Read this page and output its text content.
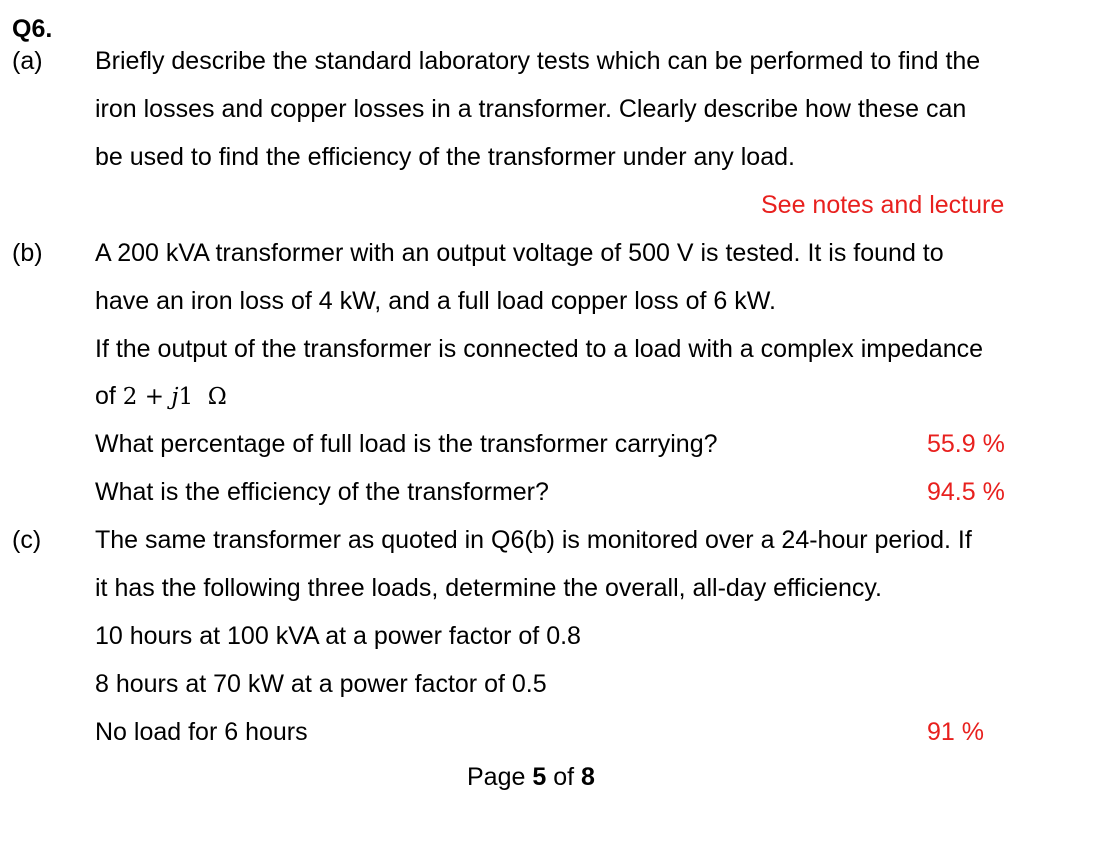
Q6.
(a) Briefly describe the standard laboratory tests which can be performed to find the
iron losses and copper losses in a transformer. Clearly describe how these can
be used to find the efficiency of the transformer under any load.
See notes and lecture
(b) A 200 kVA transformer with an output voltage of 500 V is tested. It is found to
have an iron loss of 4 kW, and a full load copper loss of 6 kW.
If the output of the transformer is connected to a load with a complex impedance
of 2 + j1 Ω
What percentage of full load is the transformer carrying?	55.9 %
What is the efficiency of the transformer?	94.5 %
(c) The same transformer as quoted in Q6(b) is monitored over a 24-hour period. If
it has the following three loads, determine the overall, all-day efficiency.
10 hours at 100 kVA at a power factor of 0.8
8 hours at 70 kW at a power factor of 0.5
No load for 6 hours	91 %
Page 5 of 8
